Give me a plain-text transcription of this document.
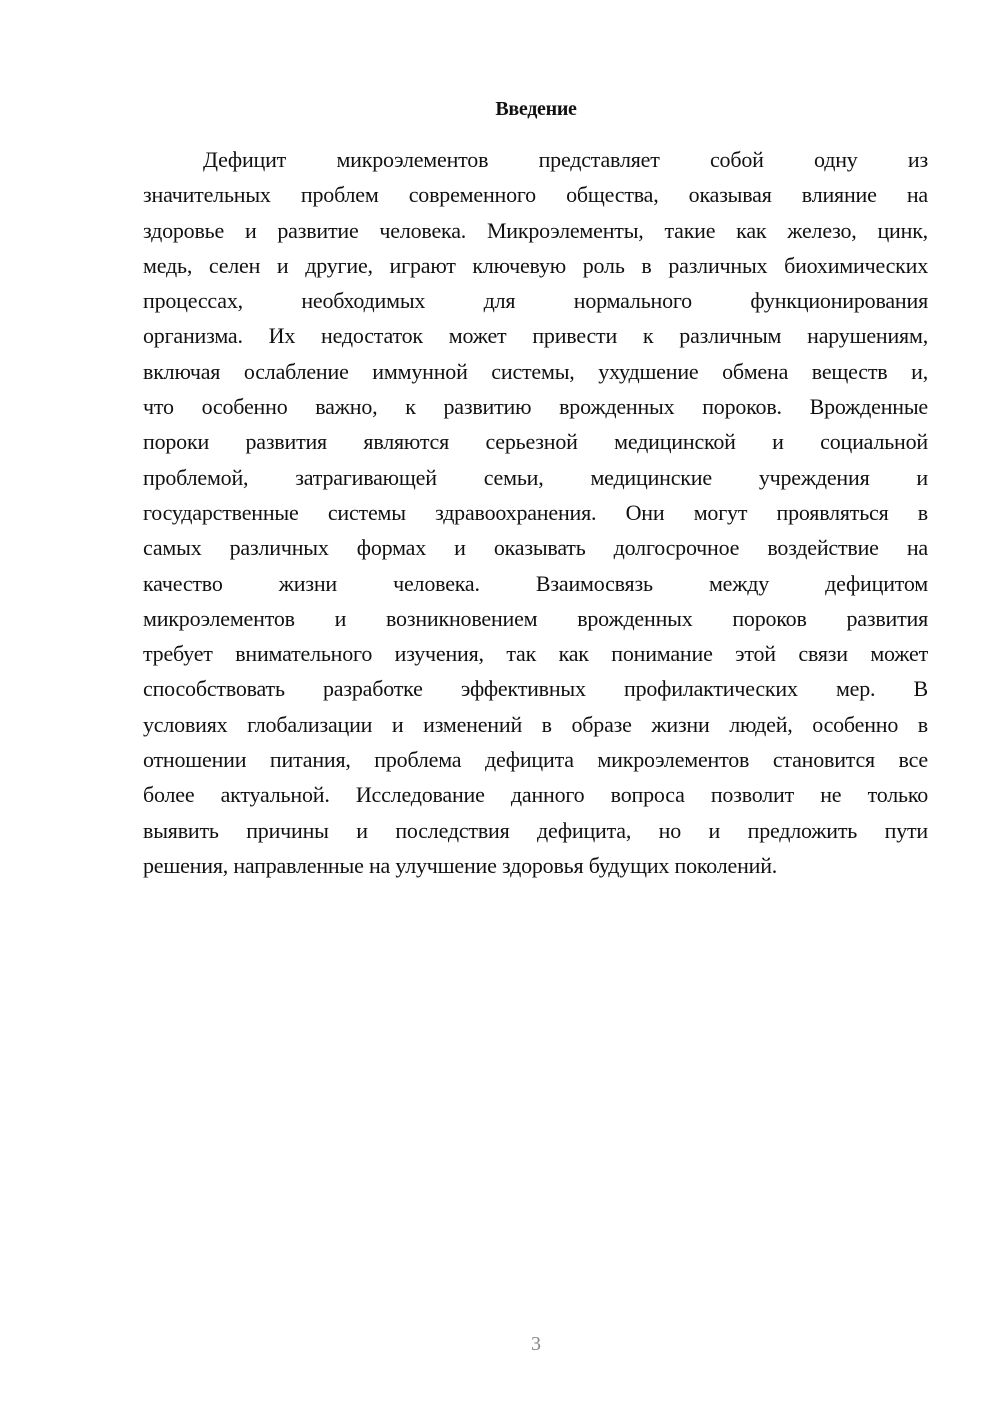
Введение
Дефицит микроэлементов представляет собой одну из
значительных проблем современного общества, оказывая влияние на
здоровье и развитие человека. Микроэлементы, такие как железо, цинк,
медь, селен и другие, играют ключевую роль в различных биохимических
процессах, необходимых для нормального функционирования
организма. Их недостаток может привести к различным нарушениям,
включая ослабление иммунной системы, ухудшение обмена веществ и,
что особенно важно, к развитию врожденных пороков. Врожденные
пороки развития являются серьезной медицинской и социальной
проблемой, затрагивающей семьи, медицинские учреждения и
государственные системы здравоохранения. Они могут проявляться в
самых различных формах и оказывать долгосрочное воздействие на
качество жизни человека. Взаимосвязь между дефицитом
микроэлементов и возникновением врожденных пороков развития
требует внимательного изучения, так как понимание этой связи может
способствовать разработке эффективных профилактических мер. В
условиях глобализации и изменений в образе жизни людей, особенно в
отношении питания, проблема дефицита микроэлементов становится все
более актуальной. Исследование данного вопроса позволит не только
выявить причины и последствия дефицита, но и предложить пути
решения, направленные на улучшение здоровья будущих поколений.
3
